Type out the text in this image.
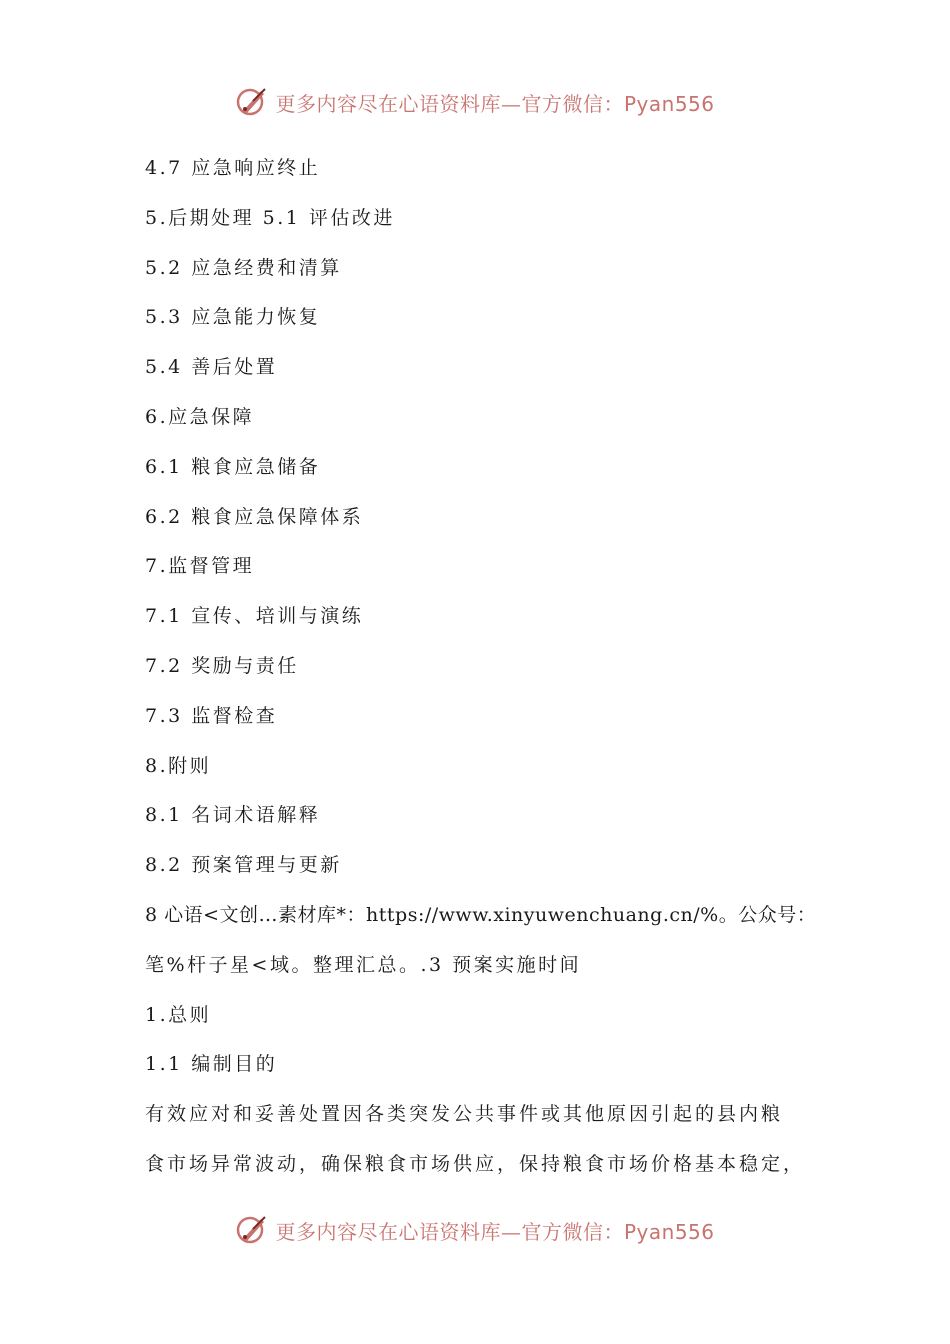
更多内容尽在心语资料库—官方微信：Pyan556
4.7 应急响应终止
5.后期处理 5.1 评估改进
5.2 应急经费和清算
5.3 应急能力恢复
5.4 善后处置
6.应急保障
6.1 粮食应急储备
6.2 粮食应急保障体系
7.监督管理
7.1 宣传、培训与演练
7.2 奖励与责任
7.3 监督检查
8.附则
8.1 名词术语解释
8.2 预案管理与更新
8 心语<文创…素材库*：https://www.xinyuwenchuang.cn/%。公众号：
笔%杆子星<域。整理汇总。.3 预案实施时间
1.总则
1.1 编制目的
有效应对和妥善处置因各类突发公共事件或其他原因引起的县内粮
食市场异常波动，确保粮食市场供应，保持粮食市场价格基本稳定，
更多内容尽在心语资料库—官方微信：Pyan556
